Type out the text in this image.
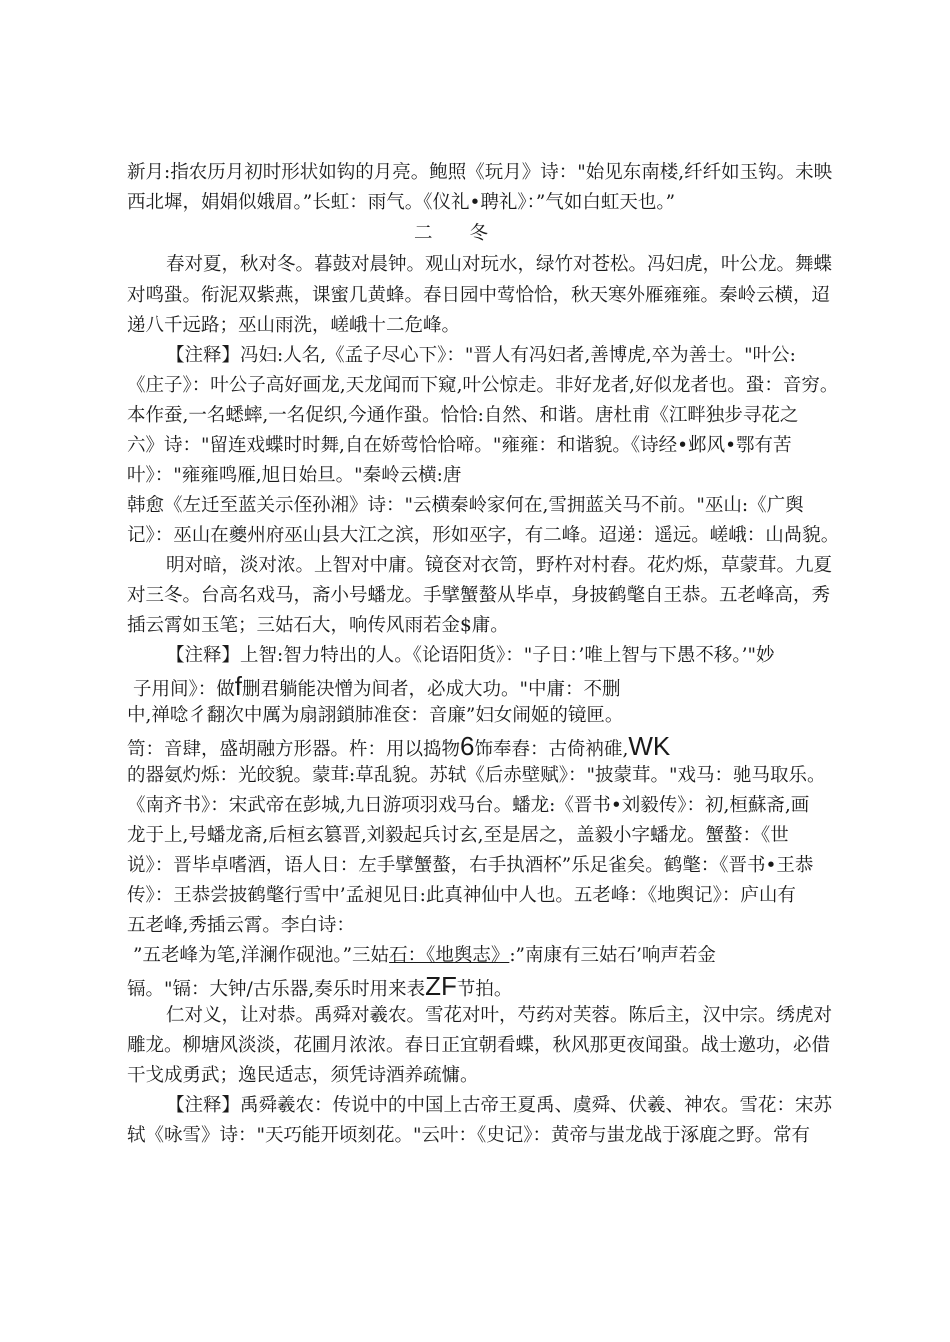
新月:指农历月初时形状如钩的月亮。鲍照《玩月》诗："始见东南楼,纤纤如玉钩。未映
西北墀，娟娟似娥眉。”长虹：雨气。《仪礼•聘礼》：”气如白虹天也。”
二　　冬
春对夏，秋对冬。暮鼓对晨钟。观山对玩水，绿竹对苍松。冯妇虎，叶公龙。舞蝶
对鸣蛩。衔泥双紫燕，课蜜几黄蜂。春日园中莺恰恰，秋天寒外雁雍雍。秦岭云横，迢
递八千远路；巫山雨洗，嵯峨十二危峰。
【注释】冯妇:人名,《孟子尽心下》："晋人有冯妇者,善博虎,卒为善士。"叶公:
《庄子》：叶公子高好画龙,天龙闻而下窥,叶公惊走。非好龙者,好似龙者也。蛩：音穷。
本作蚕,一名蟋蟀,一名促织,今通作蛩。恰恰:自然、和谐。唐杜甫《江畔独步寻花之
六》诗："留连戏蝶时时舞,自在娇莺恰恰啼。"雍雍：和谐貌。《诗经•邺风•鄂有苦
叶》："雍雍鸣雁,旭日始旦。"秦岭云横:唐
韩愈《左迁至蓝关示侄孙湘》诗："云横秦岭家何在,雪拥蓝关马不前。"巫山:《广舆
记》：巫山在夔州府巫山县大江之滨，形如巫字，有二峰。迢递：遥远。嵯峨：山咼貌。
明对暗，淡对浓。上智对中庸。镜奁对衣笥，野杵对村舂。花灼烁，草蒙茸。九夏
对三冬。台高名戏马，斋小号蟠龙。手擘蟹螯从毕卓，身披鹤氅自王恭。五老峰高，秀
插云霄如玉笔；三姑石大，响传风雨若金$庸。
【注释】上智:智力特出的人。《论语阳货》："子日：’唯上智与下愚不移。’"妙
子用间》：做f删君躺能决憎为间者，必成大功。"中庸：不删
中,禅唸彳翻次中厲为扇詡鎖肺准奁：音廉”妇女闹姬的镜匣。
笥：音肆，盛胡融方形器。杵：用以捣物6饰奉舂：古倚衲碓,WK
的器氨灼烁：光皎貌。蒙茸:草乱貌。苏轼《后赤壁赋》："披蒙茸。"戏马：驰马取乐。
《南齐书》：宋武帝在彭城,九日游项羽戏马台。蟠龙:《晋书•刘毅传》：初,桓蘇斋,画
龙于上,号蟠龙斋,后桓玄篡晋,刘毅起兵讨玄,至是居之，盖毅小字蟠龙。蟹螯：《世
说》：晋毕卓嗜酒，语人日：左手擘蟹螯，右手执酒杯”乐足雀矣。鹤氅：《晋书•王恭
传》：王恭尝披鹤氅行雪中’孟昶见日:此真神仙中人也。五老峰：《地舆记》：庐山有
五老峰,秀插云霄。李白诗：
”五老峰为笔,洋澜作砚池。”三姑石：《地舆志》:”南康有三姑石’响声若金
镉。"镉：大钟/古乐器,奏乐时用来表ZF节拍。
仁对义，让对恭。禹舜对羲农。雪花对叶，芍药对芙蓉。陈后主，汉中宗。绣虎对
雕龙。柳塘风淡淡，花圃月浓浓。春日正宜朝看蝶，秋风那更夜闻蛩。战士邀功，必借
干戈成勇武；逸民适志，须凭诗酒养疏慵。
【注释】禹舜羲农：传说中的中国上古帝王夏禹、虞舜、伏羲、神农。雪花：宋苏
轼《咏雪》诗："天巧能开顷刻花。"云叶：《史记》：黄帝与蚩龙战于涿鹿之野。常有
